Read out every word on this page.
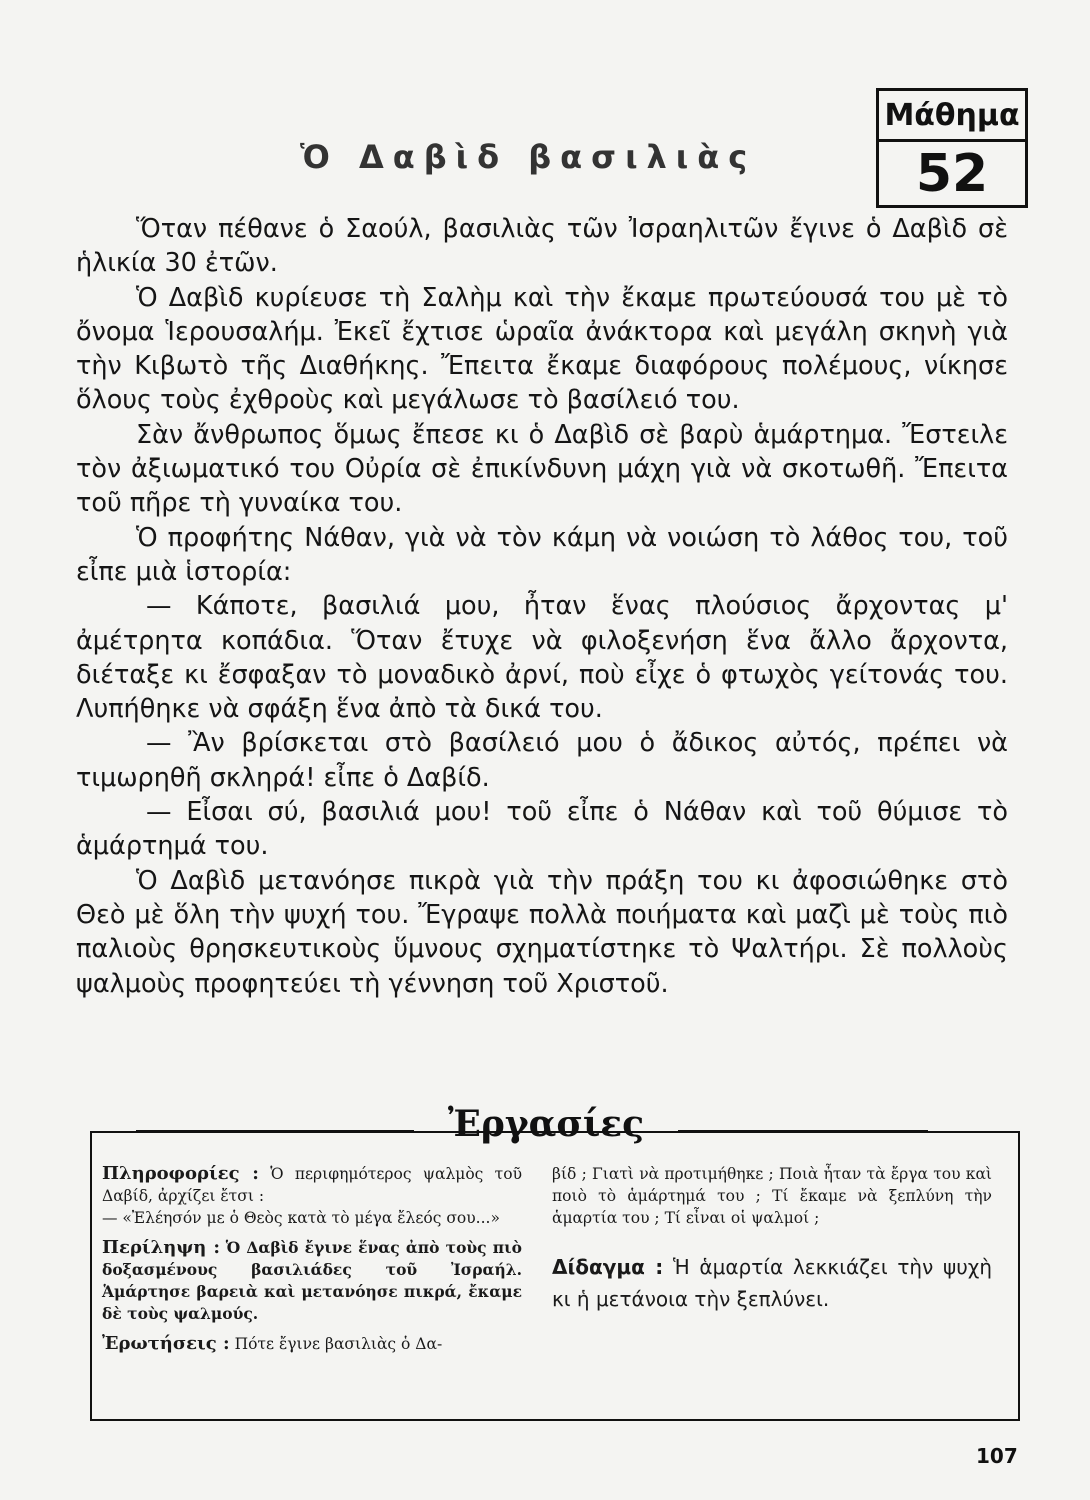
Μάθημα
52
Ὁ Δαβὶδ βασιλιὰς

Ὅταν πέθανε ὁ Σαούλ, βασιλιὰς τῶν Ἰσραηλιτῶν ἔγινε ὁ Δαβὶδ σὲ ἡλικία 30 ἐτῶν.

Ὁ Δαβὶδ κυρίευσε τὴ Σαλὴμ καὶ τὴν ἔκαμε πρωτεύουσά του μὲ τὸ ὄνομα Ἱερουσαλήμ. Ἐκεῖ ἔχτισε ὡραῖα ἀνάκτορα καὶ μεγάλη σκηνὴ γιὰ τὴν Κιβωτὸ τῆς Διαθήκης. Ἔπειτα ἔκαμε διαφόρους πολέμους, νίκησε ὅλους τοὺς ἐχθροὺς καὶ μεγάλωσε τὸ βασίλειό του.

Σὰν ἄνθρωπος ὅμως ἔπεσε κι ὁ Δαβὶδ σὲ βαρὺ ἁμάρτημα. Ἔστειλε τὸν ἀξιωματικό του Οὐρία σὲ ἐπικίνδυνη μάχη γιὰ νὰ σκοτωθῆ. Ἔπειτα τοῦ πῆρε τὴ γυναίκα του.

Ὁ προφήτης Νάθαν, γιὰ νὰ τὸν κάμη νὰ νοιώση τὸ λάθος του, τοῦ εἶπε μιὰ ἱστορία:

— Κάποτε, βασιλιά μου, ἦταν ἕνας πλούσιος ἄρχοντας μ' ἀμέτρητα κοπάδια. Ὅταν ἔτυχε νὰ φιλοξενήση ἕνα ἄλλο ἄρχοντα, διέταξε κι ἔσφαξαν τὸ μοναδικὸ ἀρνί, ποὺ εἶχε ὁ φτωχὸς γείτονάς του. Λυπήθηκε νὰ σφάξη ἕνα ἀπὸ τὰ δικά του.

— Ἂν βρίσκεται στὸ βασίλειό μου ὁ ἄδικος αὐτός, πρέπει νὰ τιμωρηθῆ σκληρά! εἶπε ὁ Δαβίδ.

— Εἶσαι σύ, βασιλιά μου! τοῦ εἶπε ὁ Νάθαν καὶ τοῦ θύμισε τὸ ἁμάρτημά του.

Ὁ Δαβὶδ μετανόησε πικρὰ γιὰ τὴν πράξη του κι ἀφοσιώθηκε στὸ Θεὸ μὲ ὅλη τὴν ψυχή του. Ἔγραψε πολλὰ ποιήματα καὶ μαζὶ μὲ τοὺς πιὸ παλιοὺς θρησκευτικοὺς ὕμνους σχηματίστηκε τὸ Ψαλτήρι. Σὲ πολλοὺς ψαλμοὺς προφητεύει τὴ γέννηση τοῦ Χριστοῦ.

Ἐργασίες
Πληροφορίες : Ὁ περιφημότερος ψαλμὸς τοῦ Δαβίδ, ἀρχίζει ἔτσι :
— «Ἐλέησόν με ὁ Θεὸς κατὰ τὸ μέγα ἔλεός σου...»
Περίληψη : Ὁ Δαβὶδ ἔγινε ἕνας ἀπὸ τοὺς πιὸ δοξασμένους βασιλιάδες τοῦ Ἰσραήλ. Ἁμάρτησε βαρειὰ καὶ μετανόησε πικρά, ἔκαμε δὲ τοὺς ψαλμούς.
Ἐρωτήσεις : Πότε ἔγινε βασιλιὰς ὁ Δα-
βίδ ; Γιατὶ νὰ προτιμήθηκε ; Ποιὰ ἦταν τὰ ἔργα του καὶ ποιὸ τὸ ἁμάρτημά του ; Τί ἔκαμε νὰ ξεπλύνη τὴν ἁμαρτία του ; Τί εἶναι οἱ ψαλμοί ;
Δίδαγμα : Ἡ ἁμαρτία λεκκιάζει τὴν ψυχὴ κι ἡ μετάνοια τὴν ξεπλύνει.
107
